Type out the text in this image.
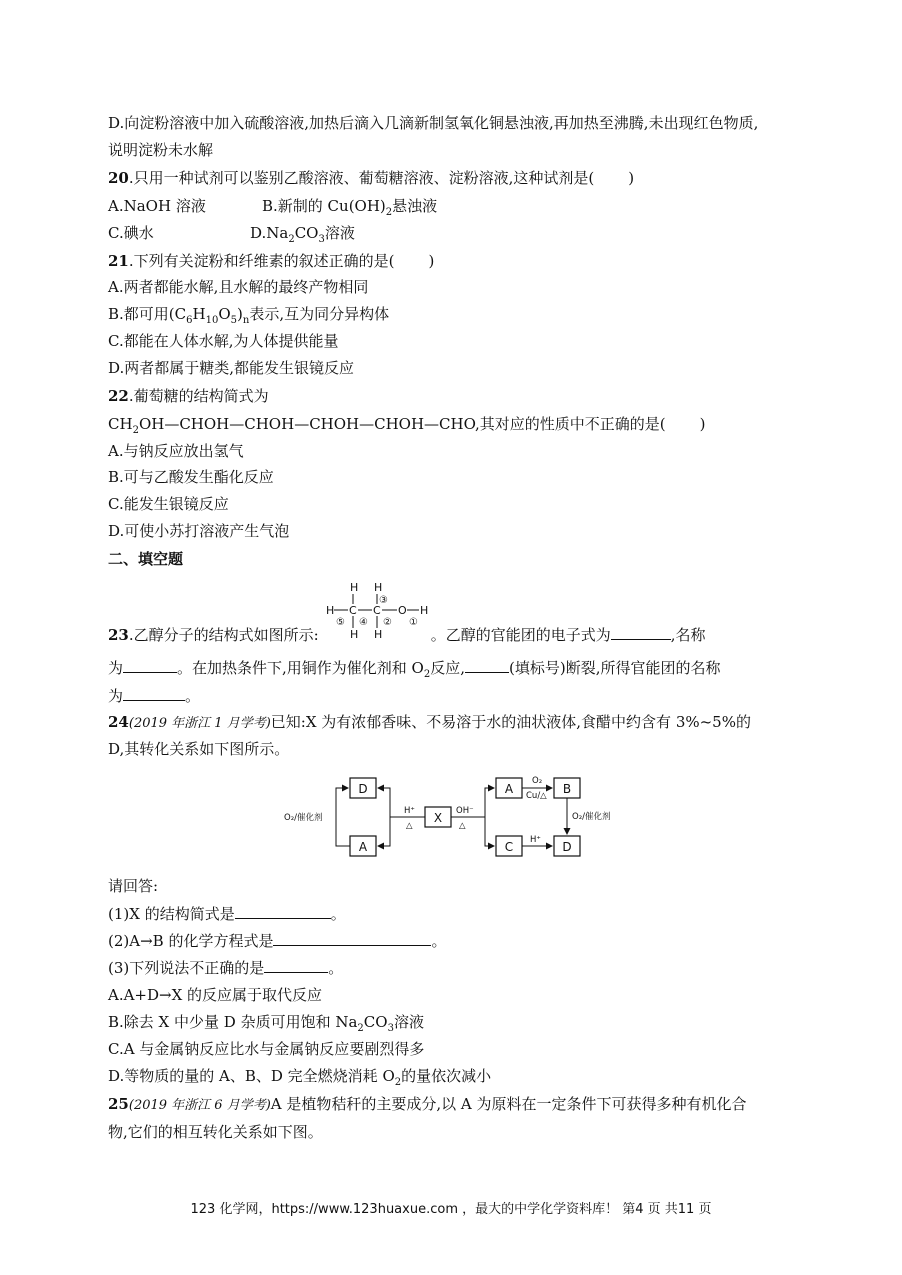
D.向淀粉溶液中加入硫酸溶液,加热后滴入几滴新制氢氧化铜悬浊液,再加热至沸腾,未出现红色物质,
说明淀粉未水解
20.只用一种试剂可以鉴别乙酸溶液、葡萄糖溶液、淀粉溶液,这种试剂是( )
A.NaOH 溶液	B.新制的 $Cu(OH)_2$悬浊液
C.碘水	$D.Na_2CO_3$溶液
21.下列有关淀粉和纤维素的叙述正确的是( )
A.两者都能水解,且水解的最终产物相同
B.都可用$(C_6H_{10}O_5)_n$表示,互为同分异构体
C.都能在人体水解,为人体提供能量
D.两者都属于糖类,都能发生银镜反应
22.葡萄糖的结构简式为
$CH_2OH—CHOH—CHOH—CHOH—CHOH—CHO$,其对应的性质中不正确的是( )
A.与钠反应放出氢气
B.可与乙酸发生酯化反应
C.能发生银镜反应
D.可使小苏打溶液产生气泡
二、填空题
H H
H C C O H
H H
③
⑤ ④ ② ①
23.乙醇分子的结构式如图所示:	。乙醇的官能团的电子式为	,名称
为	。在加热条件下,用铜作为催化剂和 $O_2$反应,	(填标号)断裂,所得官能团的名称
为	。
24(2019 年浙江 1 月学考)已知:X 为有浓郁香味、不易溶于水的油状液体,食醋中约含有 3%~5%的
D,其转化关系如下图所示。
D
A
X
A	B
C	D
O₂/催化剂
H⁺
△
OH⁻
△
O₂
Cu/△
O₂/催化剂
H⁺
请回答:
(1)X 的结构简式是	。
(2)A→B 的化学方程式是	。
(3)下列说法不正确的是	。
A.A+D→X 的反应属于取代反应
B.除去 X 中少量 D 杂质可用饱和 $Na_2CO_3$溶液
C.A 与金属钠反应比水与金属钠反应要剧烈得多
D.等物质的量的 A、B、D 完全燃烧消耗 $O_2$的量依次减小
25(2019 年浙江 6 月学考)A 是植物秸秆的主要成分,以 A 为原料在一定条件下可获得多种有机化合
物,它们的相互转化关系如下图。
123 化学网，https://www.123huaxue.com ，最大的中学化学资料库！ 第4 页 共11 页
